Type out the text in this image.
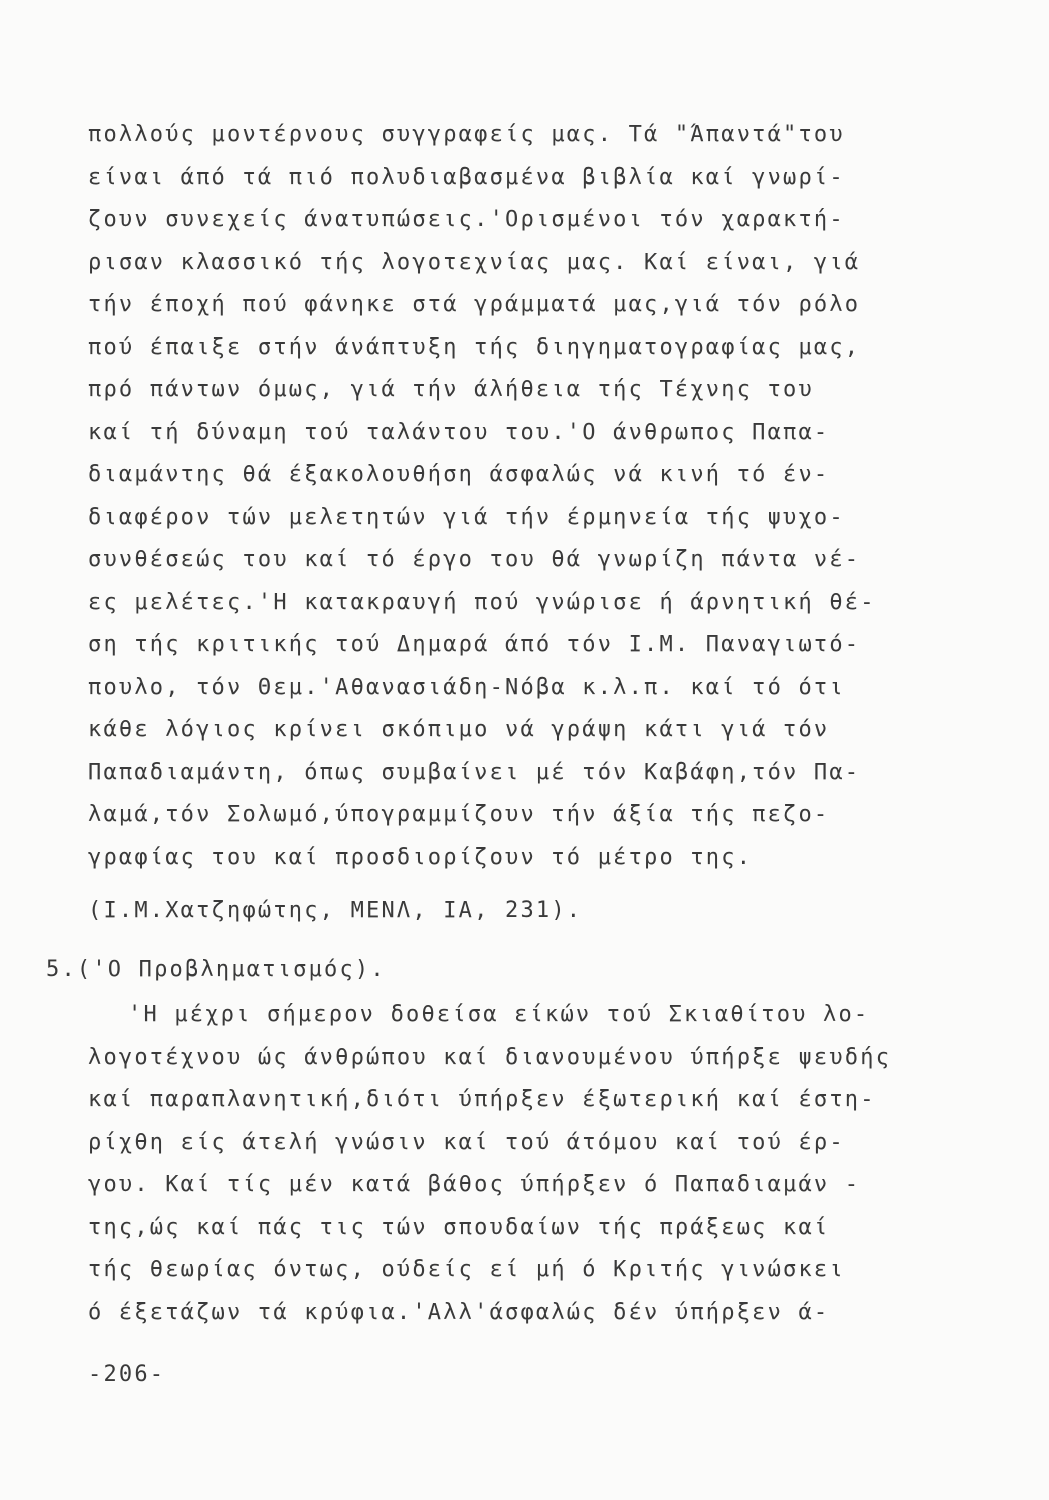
πολλούς μοντέρνους συγγραφείς μας. Τά "Άπαντά"του
είναι άπό τά πιό πολυδιαβασμένα βιβλία καί γνωρί-
ζουν συνεχείς άνατυπώσεις.'Ορισμένοι τόν χαρακτή-
ρισαν κλασσικό τής λογοτεχνίας μας. Καί είναι, γιά
τήν έποχή πού φάνηκε στά γράμματά μας,γιά τόν ρόλο
πού έπαιξε στήν άνάπτυξη τής διηγηματογραφίας μας,
πρό πάντων όμως, γιά τήν άλήθεια τής Τέχνης του
καί τή δύναμη τού ταλάντου του.'Ο άνθρωπος Παπα-
διαμάντης θά έξακολουθήση άσφαλώς νά κινή τό έν-
διαφέρον τών μελετητών γιά τήν έρμηνεία τής ψυχο-
συνθέσεώς του καί τό έργο του θά γνωρίζη πάντα νέ-
ες μελέτες.'Η κατακραυγή πού γνώρισε ή άρνητική θέ-
ση τής κριτικής τού Δημαρά άπό τόν Ι.Μ. Παναγιωτό-
πουλο, τόν Θεμ.'Αθανασιάδη-Νόβα κ.λ.π. καί τό ότι
κάθε λόγιος κρίνει σκόπιμο νά γράψη κάτι γιά τόν
Παπαδιαμάντη, όπως συμβαίνει μέ τόν Καβάφη,τόν Πα-
λαμά,τόν Σολωμό,ύπογραμμίζουν τήν άξία τής πεζο-
γραφίας του καί προσδιορίζουν τό μέτρο της.
(Ι.Μ.Χατζηφώτης, ΜΕΝΛ, ΙΑ, 231).
5.('Ο Προβληματισμός).
'Η μέχρι σήμερον δοθείσα είκών τού Σκιαθίτου λο-
λογοτέχνου ώς άνθρώπου καί διανουμένου ύπήρξε ψευδής
καί παραπλανητική,διότι ύπήρξεν έξωτερική καί έστη-
ρίχθη είς άτελή γνώσιν καί τού άτόμου καί τού έρ-
γου. Καί τίς μέν κατά βάθος ύπήρξεν ό Παπαδιαμάν -
της,ώς καί πάς τις τών σπουδαίων τής πράξεως καί
τής θεωρίας όντως, ούδείς εί μή ό Κριτής γινώσκει
ό έξετάζων τά κρύφια.'Αλλ'άσφαλώς δέν ύπήρξεν ά-
-206-
